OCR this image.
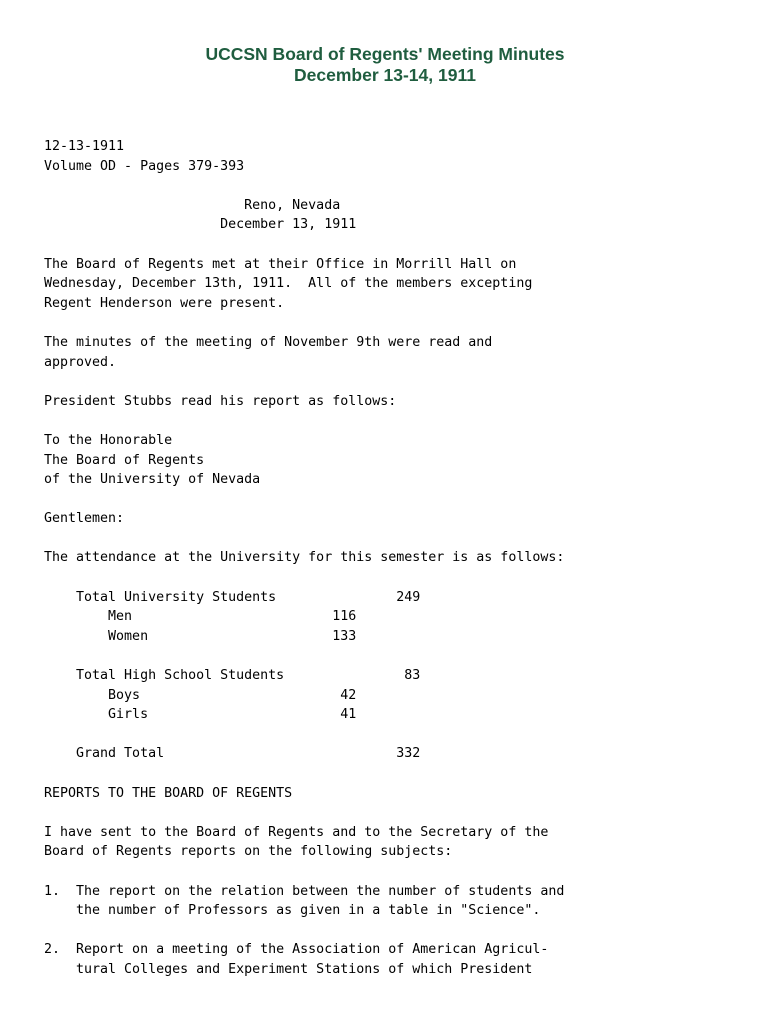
UCCSN Board of Regents' Meeting Minutes
December 13-14, 1911
12-13-1911
Volume OD - Pages 379-393
Reno, Nevada
December 13, 1911
The Board of Regents met at their Office in Morrill Hall on
Wednesday, December 13th, 1911.  All of the members excepting
Regent Henderson were present.
The minutes of the meeting of November 9th were read and
approved.
President Stubbs read his report as follows:
To the Honorable
The Board of Regents
of the University of Nevada
Gentlemen:
The attendance at the University for this semester is as follows:
Total University Students               249
Men                         116
Women                       133
Total High School Students               83
Boys                         42
Girls                        41
Grand Total                             332
REPORTS TO THE BOARD OF REGENTS
I have sent to the Board of Regents and to the Secretary of the
Board of Regents reports on the following subjects:
1.  The report on the relation between the number of students and
the number of Professors as given in a table in "Science".
2.  Report on a meeting of the Association of American Agricul-
tural Colleges and Experiment Stations of which President
